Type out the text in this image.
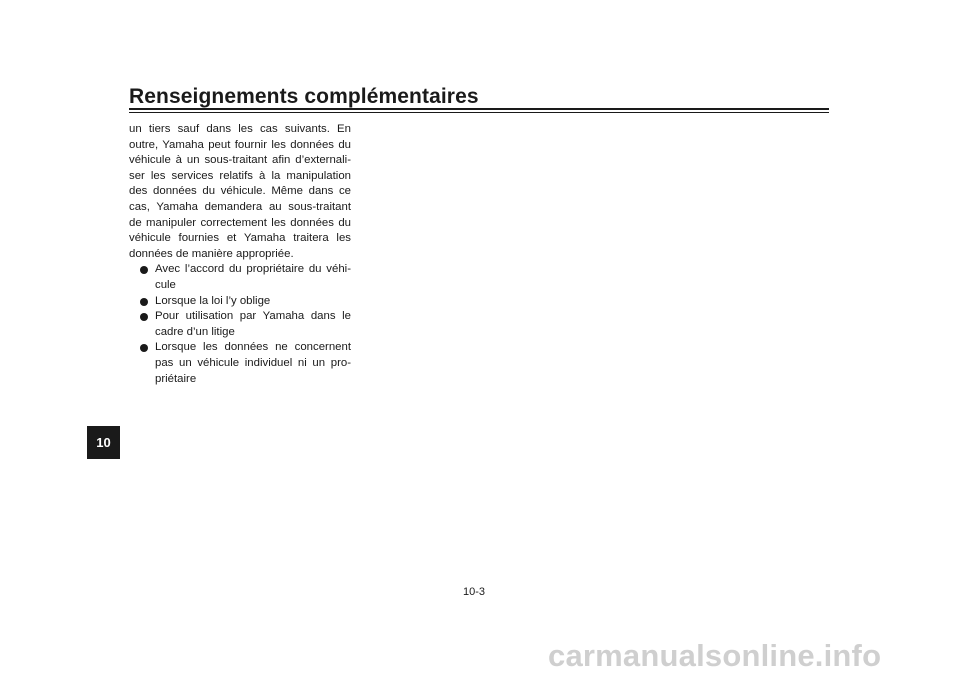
Renseignements complémentaires

un tiers sauf dans les cas suivants. En outre, Yamaha peut fournir les données du véhicule à un sous-traitant afin d’externali-ser les services relatifs à la manipulation des données du véhicule. Même dans ce cas, Yamaha demandera au sous-traitant de manipuler correctement les données du véhicule fournies et Yamaha traitera les données de manière appropriée.

Avec l’accord du propriétaire du véhi-cule
Lorsque la loi l’y oblige
Pour utilisation par Yamaha dans le cadre d’un litige
Lorsque les données ne concernent pas un véhicule individuel ni un pro-priétaire
10
10-3
carmanualsonline.info
